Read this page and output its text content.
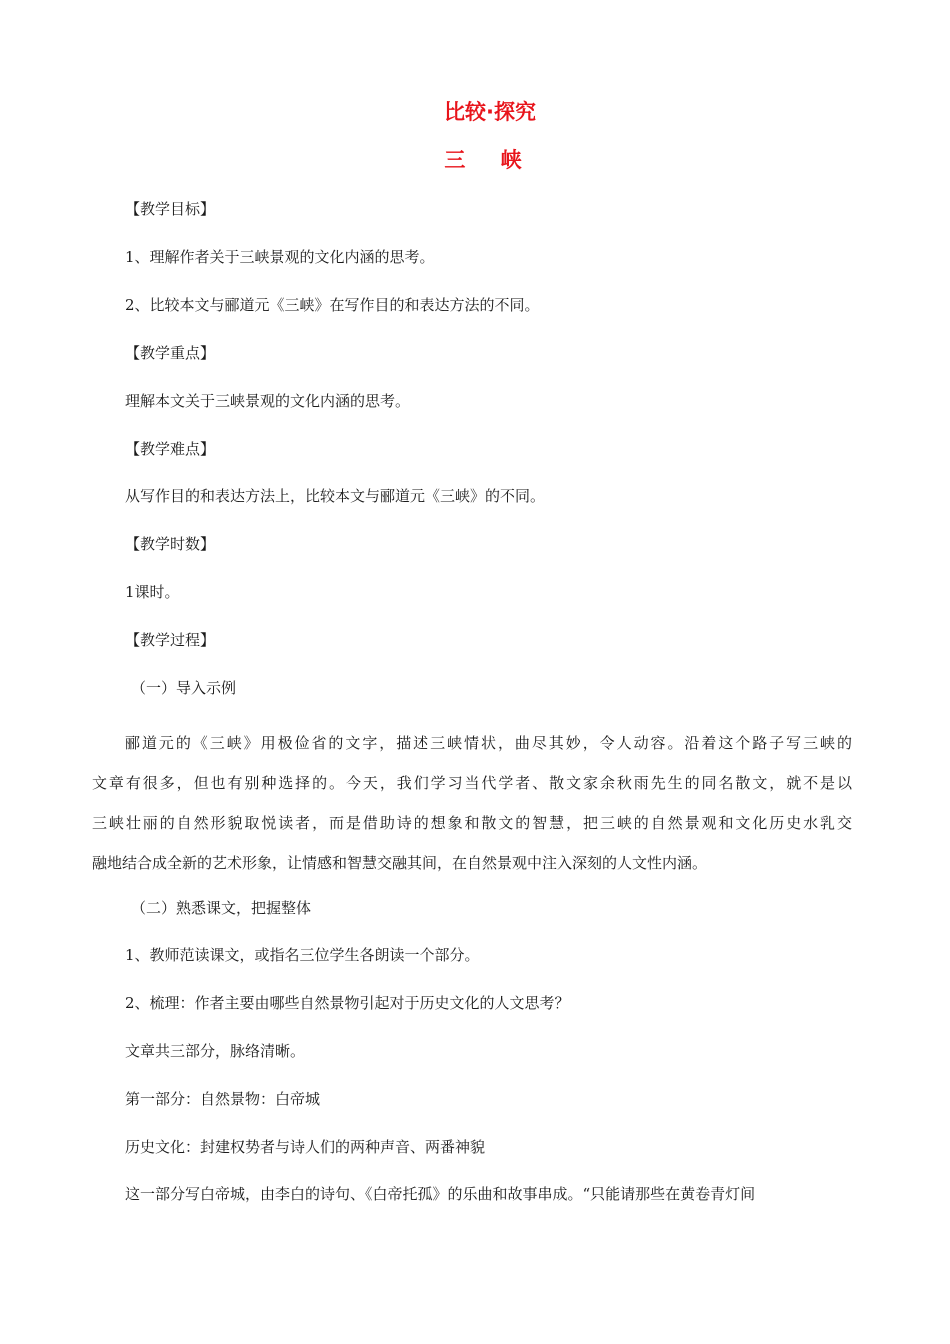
比较·探究
三 峡
【教学目标】
1、理解作者关于三峡景观的文化内涵的思考。
2、比较本文与郦道元《三峡》在写作目的和表达方法的不同。
【教学重点】
理解本文关于三峡景观的文化内涵的思考。
【教学难点】
从写作目的和表达方法上，比较本文与郦道元《三峡》的不同。
【教学时数】
1课时。
【教学过程】
（一）导入示例
郦道元的《三峡》用极俭省的文字，描述三峡情状，曲尽其妙，令人动容。沿着这个路子写三峡的
文章有很多，但也有别种选择的。今天，我们学习当代学者、散文家余秋雨先生的同名散文，就不是以
三峡壮丽的自然形貌取悦读者，而是借助诗的想象和散文的智慧，把三峡的自然景观和文化历史水乳交
融地结合成全新的艺术形象，让情感和智慧交融其间，在自然景观中注入深刻的人文性内涵。
（二）熟悉课文，把握整体
1、教师范读课文，或指名三位学生各朗读一个部分。
2、梳理：作者主要由哪些自然景物引起对于历史文化的人文思考？
文章共三部分，脉络清晰。
第一部分：自然景物：白帝城
历史文化：封建权势者与诗人们的两种声音、两番神貌
这一部分写白帝城，由李白的诗句、《白帝托孤》的乐曲和故事串成。“只能请那些在黄卷青灯间
